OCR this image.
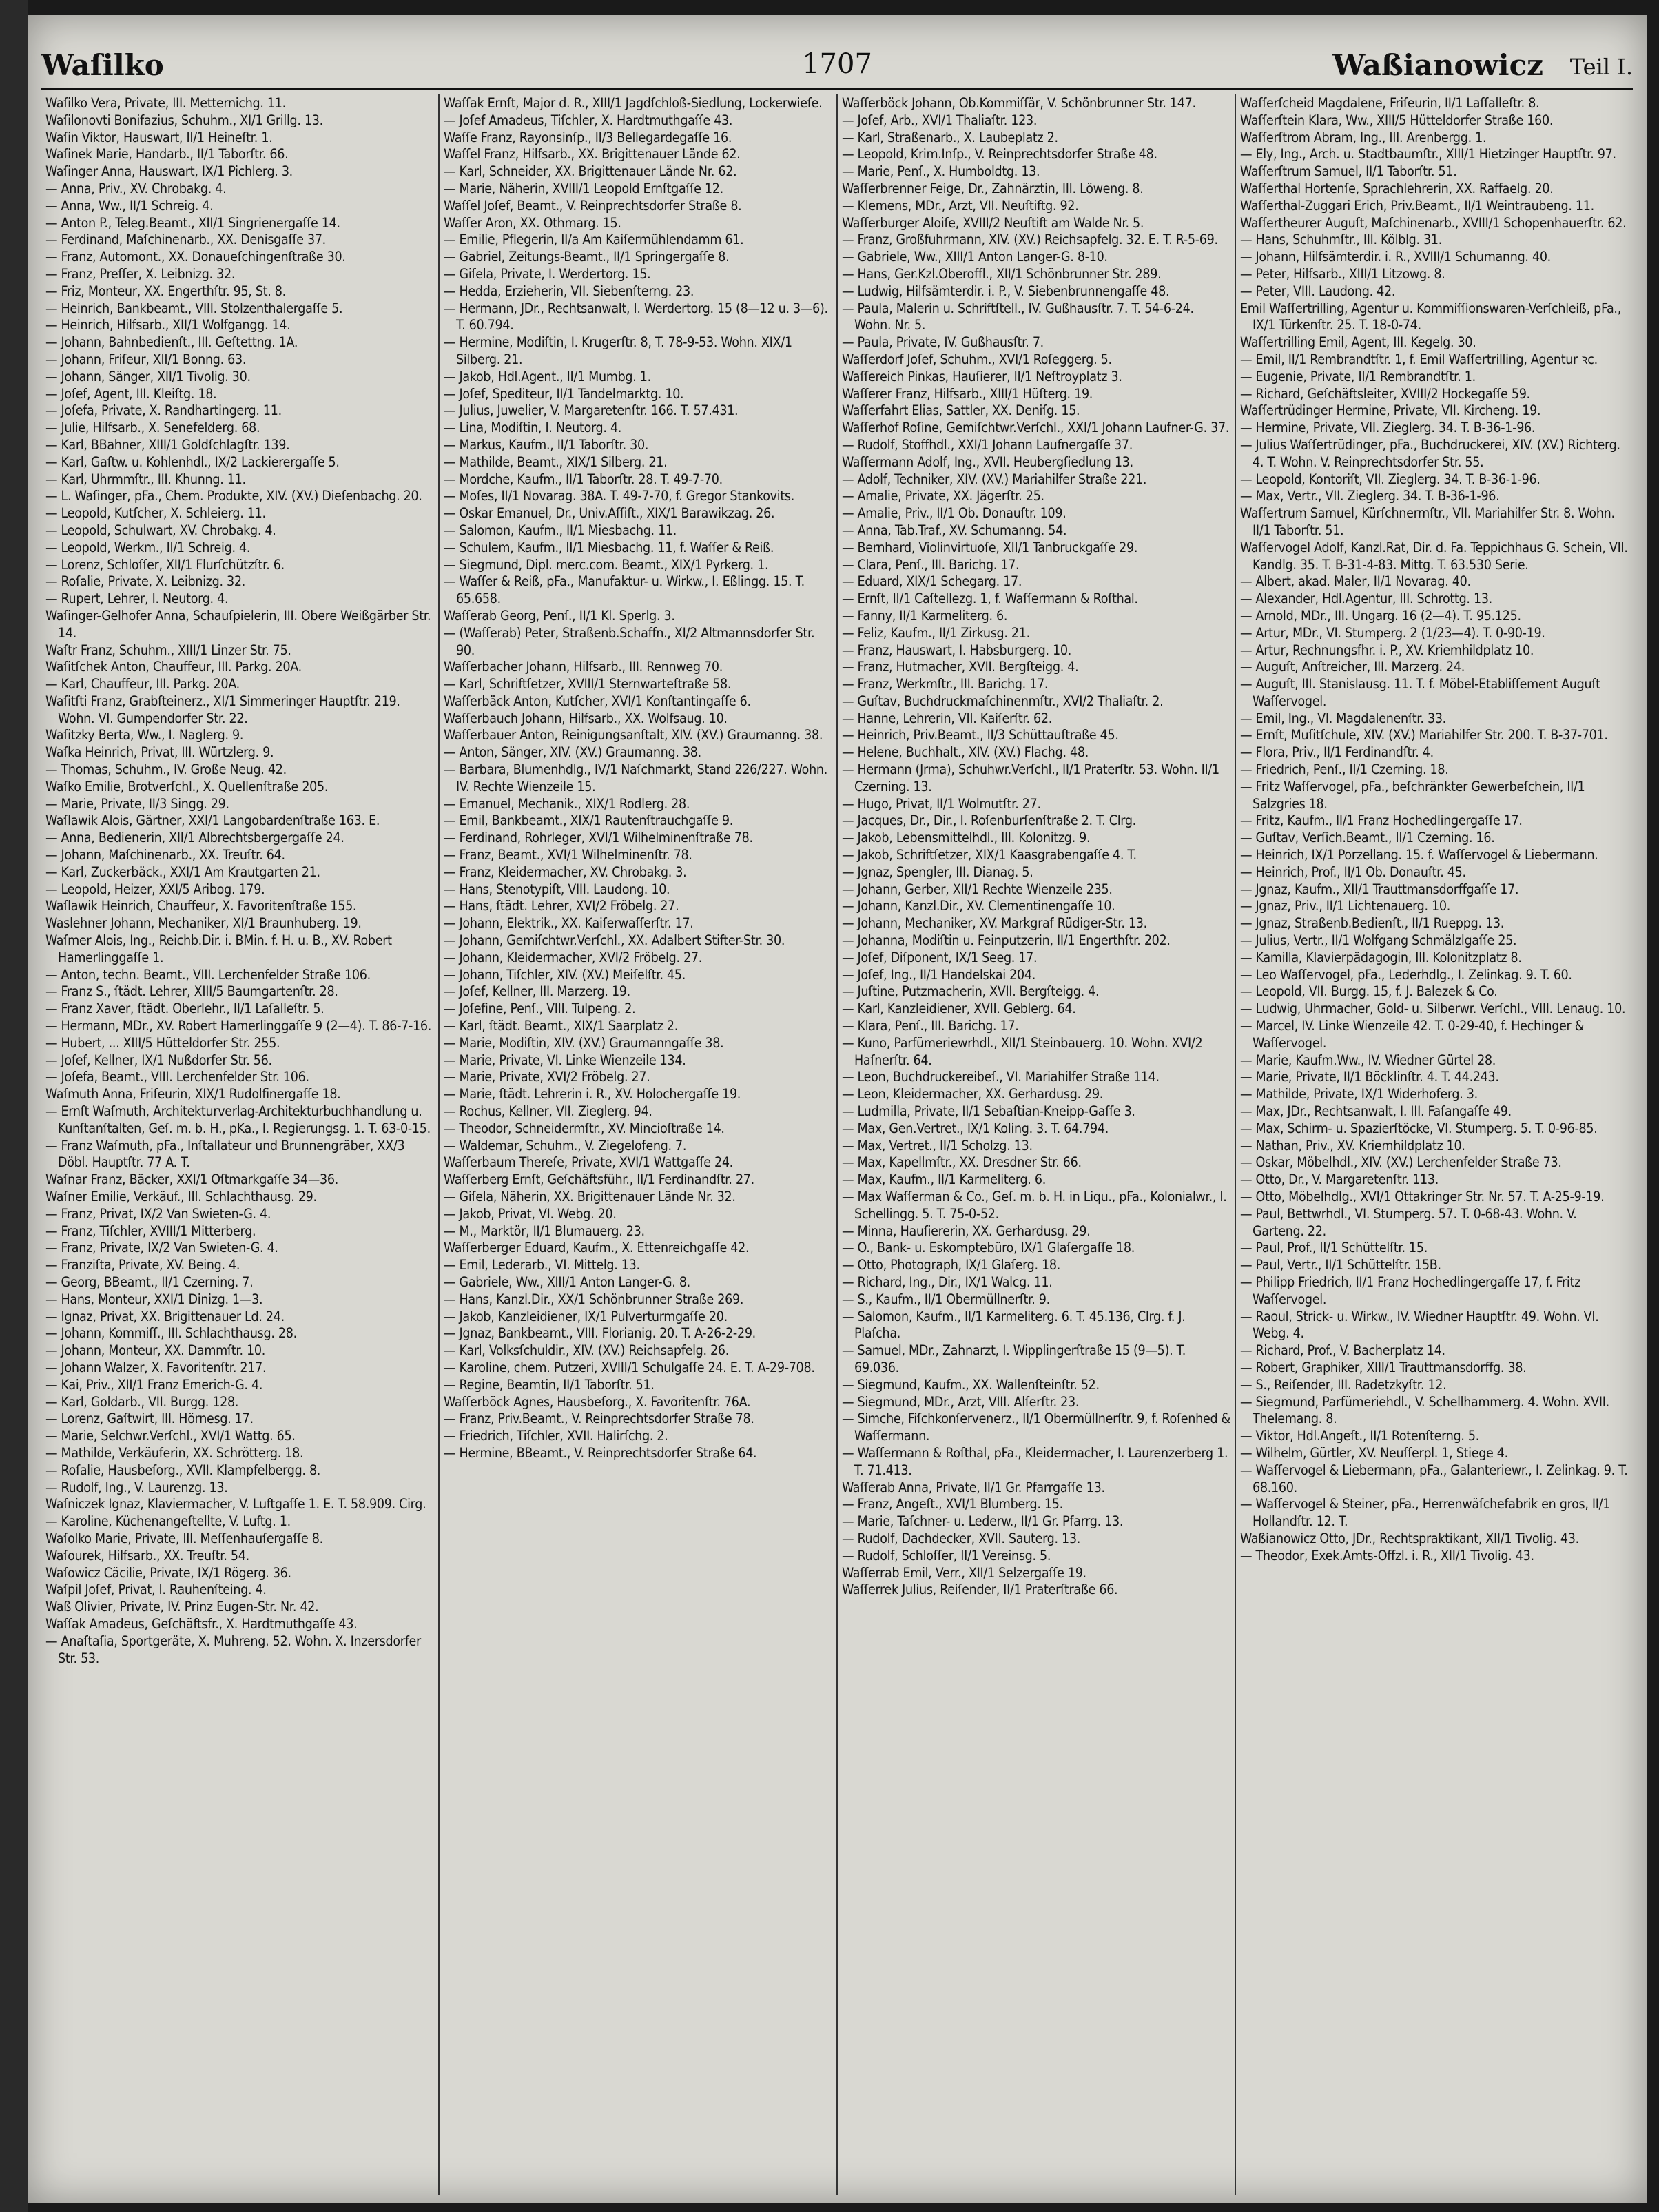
Waſilko	1707	Waßianowicz Teil I.
Waſilko Vera, Private, III. Metternichg. 11.
Waſilonovti Bonifazius, Schuhm., XI/1 Grillg. 13.
Waſin Viktor, Hauswart, II/1 Heineſtr. 1.
Waſinek Marie, Handarb., II/1 Taborſtr. 66.
Waſinger Anna, Hauswart, IX/1 Pichlerg. 3.
— Anna, Priv., XV. Chrobakg. 4.
— Anna, Ww., II/1 Schreig. 4.
— Anton P., Teleg.Beamt., XII/1 Singrienergaſſe 14.
— Ferdinand, Maſchinenarb., XX. Denisgaſſe 37.
— Franz, Automont., XX. Donaueſchingenſtraße 30.
— Franz, Preſſer, X. Leibnizg. 32.
— Friz, Monteur, XX. Engerthſtr. 95, St. 8.
— Heinrich, Bankbeamt., VIII. Stolzenthalergaſſe 5.
— Heinrich, Hilfsarb., XII/1 Wolfgangg. 14.
— Johann, Bahnbedienſt., III. Geſtettng. 1A.
— Johann, Friſeur, XII/1 Bonng. 63.
— Johann, Sänger, XII/1 Tivolig. 30.
— Joſef, Agent, III. Kleiſtg. 18.
— Joſefa, Private, X. Randhartingerg. 11.
— Julie, Hilfsarb., X. Senefelderg. 68.
— Karl, BBahner, XIII/1 Goldſchlagſtr. 139.
— Karl, Gaſtw. u. Kohlenhdl., IX/2 Lackierergaſſe 5.
— Karl, Uhrmmſtr., III. Khunng. 11.
— L. Waſinger, pFa., Chem. Produkte, XIV. (XV.) Dieſenbachg. 20.
— Leopold, Kutſcher, X. Schleierg. 11.
— Leopold, Schulwart, XV. Chrobakg. 4.
— Leopold, Werkm., II/1 Schreig. 4.
— Lorenz, Schloſſer, XII/1 Flurſchützſtr. 6.
— Roſalie, Private, X. Leibnizg. 32.
— Rupert, Lehrer, I. Neutorg. 4.
Waſinger-Gelhofer Anna, Schauſpielerin, III. Obere Weißgärber Str. 14.
Waſtr Franz, Schuhm., XIII/1 Linzer Str. 75.
Waſitſchek Anton, Chauffeur, III. Parkg. 20A.
— Karl, Chauffeur, III. Parkg. 20A.
Waſitſti Franz, Grabſteinerz., XI/1 Simmeringer Hauptſtr. 219. Wohn. VI. Gumpendorfer Str. 22.
Waſitzky Berta, Ww., I. Naglerg. 9.
Waſka Heinrich, Privat, III. Würtzlerg. 9.
— Thomas, Schuhm., IV. Große Neug. 42.
Waſko Emilie, Brotverſchl., X. Quellenſtraße 205.
— Marie, Private, II/3 Singg. 29.
Waſlawik Alois, Gärtner, XXI/1 Langobardenſtraße 163. E.
— Anna, Bedienerin, XII/1 Albrechtsbergergaſſe 24.
— Johann, Maſchinenarb., XX. Treuſtr. 64.
— Karl, Zuckerbäck., XXI/1 Am Krautgarten 21.
— Leopold, Heizer, XXI/5 Aribog. 179.
Waſlawik Heinrich, Chauffeur, X. Favoritenſtraße 155.
Waslehner Johann, Mechaniker, XI/1 Braunhuberg. 19.
Waſmer Alois, Ing., Reichb.Dir. i. BMin. f. H. u. B., XV. Robert Hamerlinggaſſe 1.
— Anton, techn. Beamt., VIII. Lerchenfelder Straße 106.
— Franz S., ſtädt. Lehrer, XIII/5 Baumgartenſtr. 28.
— Franz Xaver, ſtädt. Oberlehr., II/1 Laſalleſtr. 5.
— Hermann, MDr., XV. Robert Hamerlinggaſſe 9 (2—4). T. 86-7-16.
— Hubert, ... XIII/5 Hütteldorfer Str. 255.
— Joſef, Kellner, IX/1 Nußdorfer Str. 56.
— Joſefa, Beamt., VIII. Lerchenfelder Str. 106.
Waſmuth Anna, Friſeurin, XIX/1 Rudolfinergaſſe 18.
— Ernſt Waſmuth, Architekturverlag-Architekturbuchhandlung u. Kunſtanſtalten, Geſ. m. b. H., pKa., I. Regierungsg. 1. T. 63-0-15.
— Franz Waſmuth, pFa., Inſtallateur und Brunnengräber, XX/3 Döbl. Hauptſtr. 77 A. T.
Waſnar Franz, Bäcker, XXI/1 Oſtmarkgaſſe 34—36.
Waſner Emilie, Verkäuf., III. Schlachthausg. 29.
— Franz, Privat, IX/2 Van Swieten-G. 4.
— Franz, Tiſchler, XVIII/1 Mitterberg.
— Franz, Private, IX/2 Van Swieten-G. 4.
— Franziſta, Private, XV. Being. 4.
— Georg, BBeamt., II/1 Czerning. 7.
— Hans, Monteur, XXI/1 Dinizg. 1—3.
— Ignaz, Privat, XX. Brigittenauer Ld. 24.
— Johann, Kommiſſ., III. Schlachthausg. 28.
— Johann, Monteur, XX. Dammſtr. 10.
— Johann Walzer, X. Favoritenſtr. 217.
— Kai, Priv., XII/1 Franz Emerich-G. 4.
— Karl, Goldarb., VII. Burgg. 128.
— Lorenz, Gaſtwirt, III. Hörnesg. 17.
— Marie, Selchwr.Verſchl., XVI/1 Wattg. 65.
— Mathilde, Verkäuferin, XX. Schrötterg. 18.
— Roſalie, Hausbeſorg., XVII. Klampfelbergg. 8.
— Rudolf, Ing., V. Laurenzg. 13.
Waſniczek Ignaz, Klaviermacher, V. Luftgaſſe 1. E. T. 58.909. Cirg.
— Karoline, Küchenangeſtellte, V. Luftg. 1.
Waſolko Marie, Private, III. Meſſenhauſergaſſe 8.
Waſourek, Hilfsarb., XX. Treuſtr. 54.
Waſowicz Cäcilie, Private, IX/1 Rögerg. 36.
Waſpil Joſef, Privat, I. Rauhenſteing. 4.
Waß Olivier, Private, IV. Prinz Eugen-Str. Nr. 42.
Waſſak Amadeus, Geſchäftsfr., X. Hardtmuthgaſſe 43.
— Anaſtaſia, Sportgeräte, X. Muhreng. 52. Wohn. X. Inzersdorfer Str. 53.
Waſſak Ernſt, Major d. R., XIII/1 Jagdſchloß-Siedlung, Lockerwieſe.
— Joſef Amadeus, Tiſchler, X. Hardtmuthgaſſe 43.
Waſſe Franz, Rayonsinſp., II/3 Bellegardegaſſe 16.
Waſſel Franz, Hilfsarb., XX. Brigittenauer Lände 62.
— Karl, Schneider, XX. Brigittenauer Lände Nr. 62.
— Marie, Näherin, XVIII/1 Leopold Ernſtgaſſe 12.
Waſſel Joſef, Beamt., V. Reinprechtsdorfer Straße 8.
Waſſer Aron, XX. Othmarg. 15.
— Emilie, Pflegerin, II/a Am Kaiſermühlendamm 61.
— Gabriel, Zeitungs-Beamt., II/1 Springergaſſe 8.
— Giſela, Private, I. Werdertorg. 15.
— Hedda, Erzieherin, VII. Siebenſterng. 23.
— Hermann, JDr., Rechtsanwalt, I. Werdertorg. 15 (8—12 u. 3—6). T. 60.794.
— Hermine, Modiſtin, I. Krugerſtr. 8, T. 78-9-53. Wohn. XIX/1 Silberg. 21.
— Jakob, Hdl.Agent., II/1 Mumbg. 1.
— Joſef, Spediteur, II/1 Tandelmarktg. 10.
— Julius, Juwelier, V. Margaretenſtr. 166. T. 57.431.
— Lina, Modiſtin, I. Neutorg. 4.
— Markus, Kaufm., II/1 Taborſtr. 30.
— Mathilde, Beamt., XIX/1 Silberg. 21.
— Mordche, Kaufm., II/1 Taborſtr. 28. T. 49-7-70.
— Moſes, II/1 Novarag. 38A. T. 49-7-70, f. Gregor Stankovits.
— Oskar Emanuel, Dr., Univ.Aſſiſt., XIX/1 Barawikzag. 26.
— Salomon, Kaufm., II/1 Miesbachg. 11.
— Schulem, Kaufm., II/1 Miesbachg. 11, f. Waſſer & Reiß.
— Siegmund, Dipl. merc.com. Beamt., XIX/1 Pyrkerg. 1.
— Waſſer & Reiß, pFa., Manufaktur- u. Wirkw., I. Eßlingg. 15. T. 65.658.
Waſſerab Georg, Penſ., II/1 Kl. Sperlg. 3.
— (Waſſerab) Peter, Straßenb.Schaffn., XI/2 Altmannsdorfer Str. 90.
Waſſerbacher Johann, Hilfsarb., III. Rennweg 70.
— Karl, Schriftſetzer, XVIII/1 Sternwarteſtraße 58.
Waſſerbäck Anton, Kutſcher, XVI/1 Konſtantingaſſe 6.
Waſſerbauch Johann, Hilfsarb., XX. Wolfsaug. 10.
Waſſerbauer Anton, Reinigungsanſtalt, XIV. (XV.) Graumanng. 38.
— Anton, Sänger, XIV. (XV.) Graumanng. 38.
— Barbara, Blumenhdlg., IV/1 Naſchmarkt, Stand 226/227. Wohn. IV. Rechte Wienzeile 15.
— Emanuel, Mechanik., XIX/1 Rodlerg. 28.
— Emil, Bankbeamt., XIX/1 Rautenſtrauchgaſſe 9.
— Ferdinand, Rohrleger, XVI/1 Wilhelminenſtraße 78.
— Franz, Beamt., XVI/1 Wilhelminenſtr. 78.
— Franz, Kleidermacher, XV. Chrobakg. 3.
— Hans, Stenotypiſt, VIII. Laudong. 10.
— Hans, ſtädt. Lehrer, XVI/2 Fröbelg. 27.
— Johann, Elektrik., XX. Kaiſerwaſſerſtr. 17.
— Johann, Gemiſchtwr.Verſchl., XX. Adalbert Stifter-Str. 30.
— Johann, Kleidermacher, XVI/2 Fröbelg. 27.
— Johann, Tiſchler, XIV. (XV.) Meiſelſtr. 45.
— Joſef, Kellner, III. Marzerg. 19.
— Joſefine, Penſ., VIII. Tulpeng. 2.
— Karl, ſtädt. Beamt., XIX/1 Saarplatz 2.
— Marie, Modiſtin, XIV. (XV.) Graumanngaſſe 38.
— Marie, Private, VI. Linke Wienzeile 134.
— Marie, Private, XVI/2 Fröbelg. 27.
— Marie, ſtädt. Lehrerin i. R., XV. Holochergaſſe 19.
— Rochus, Kellner, VII. Zieglerg. 94.
— Theodor, Schneidermſtr., XV. Mincioſtraße 14.
— Waldemar, Schuhm., V. Ziegelofeng. 7.
Waſſerbaum Thereſe, Private, XVI/1 Wattgaſſe 24.
Waſſerberg Ernſt, Geſchäftsführ., II/1 Ferdinandſtr. 27.
— Giſela, Näherin, XX. Brigittenauer Lände Nr. 32.
— Jakob, Privat, VI. Webg. 20.
— M., Marktör, II/1 Blumauerg. 23.
Waſſerberger Eduard, Kaufm., X. Ettenreichgaſſe 42.
— Emil, Lederarb., VI. Mittelg. 13.
— Gabriele, Ww., XIII/1 Anton Langer-G. 8.
— Hans, Kanzl.Dir., XX/1 Schönbrunner Straße 269.
— Jakob, Kanzleidiener, IX/1 Pulverturmgaſſe 20.
— Jgnaz, Bankbeamt., VIII. Florianig. 20. T. A-26-2-29.
— Karl, Volksſchuldir., XIV. (XV.) Reichsapfelg. 26.
— Karoline, chem. Putzeri, XVIII/1 Schulgaſſe 24. E. T. A-29-708.
— Regine, Beamtin, II/1 Taborſtr. 51.
Waſſerböck Agnes, Hausbeſorg., X. Favoritenſtr. 76A.
— Franz, Priv.Beamt., V. Reinprechtsdorfer Straße 78.
— Friedrich, Tiſchler, XVII. Halirſchg. 2.
— Hermine, BBeamt., V. Reinprechtsdorfer Straße 64.
Waſſerböck Johann, Ob.Kommiſſär, V. Schönbrunner Str. 147.
— Joſef, Arb., XVI/1 Thaliaſtr. 123.
— Karl, Straßenarb., X. Laubeplatz 2.
— Leopold, Krim.Inſp., V. Reinprechtsdorfer Straße 48.
— Marie, Penſ., X. Humboldtg. 13.
Waſſerbrenner Feige, Dr., Zahnärztin, III. Löweng. 8.
— Klemens, MDr., Arzt, VII. Neuſtiftg. 92.
Waſſerburger Aloiſe, XVIII/2 Neuſtift am Walde Nr. 5.
— Franz, Großfuhrmann, XIV. (XV.) Reichsapfelg. 32. E. T. R-5-69.
— Gabriele, Ww., XIII/1 Anton Langer-G. 8-10.
— Hans, Ger.Kzl.Oberoffl., XII/1 Schönbrunner Str. 289.
— Ludwig, Hilfsämterdir. i. P., V. Siebenbrunnengaſſe 48.
— Paula, Malerin u. Schriftſtell., IV. Gußhausſtr. 7. T. 54-6-24. Wohn. Nr. 5.
— Paula, Private, IV. Gußhausſtr. 7.
Waſſerdorf Joſef, Schuhm., XVI/1 Roſeggerg. 5.
Waſſereich Pinkas, Hauſierer, II/1 Neſtroyplatz 3.
Waſſerer Franz, Hilfsarb., XIII/1 Hüſterg. 19.
Waſſerfahrt Elias, Sattler, XX. Deniſg. 15.
Waſſerhof Roſine, Gemiſchtwr.Verſchl., XXI/1 Johann Laufner-G. 37.
— Rudolf, Stoffhdl., XXI/1 Johann Laufnergaſſe 37.
Waſſermann Adolf, Ing., XVII. Heubergſiedlung 13.
— Adolf, Techniker, XIV. (XV.) Mariahilfer Straße 221.
— Amalie, Private, XX. Jägerſtr. 25.
— Amalie, Priv., II/1 Ob. Donauſtr. 109.
— Anna, Tab.Traf., XV. Schumanng. 54.
— Bernhard, Violinvirtuoſe, XII/1 Tanbruckgaſſe 29.
— Clara, Penſ., III. Barichg. 17.
— Eduard, XIX/1 Schegarg. 17.
— Ernſt, II/1 Caſtellezg. 1, f. Waſſermann & Roſthal.
— Fanny, II/1 Karmeliterg. 6.
— Feliz, Kaufm., II/1 Zirkusg. 21.
— Franz, Hauswart, I. Habsburgerg. 10.
— Franz, Hutmacher, XVII. Bergſteigg. 4.
— Franz, Werkmſtr., III. Barichg. 17.
— Guſtav, Buchdruckmaſchinenmſtr., XVI/2 Thaliaſtr. 2.
— Hanne, Lehrerin, VII. Kaiſerſtr. 62.
— Heinrich, Priv.Beamt., II/3 Schüttauſtraße 45.
— Helene, Buchhalt., XIV. (XV.) Flachg. 48.
— Hermann (Jrma), Schuhwr.Verſchl., II/1 Praterſtr. 53. Wohn. II/1 Czerning. 13.
— Hugo, Privat, II/1 Wolmutſtr. 27.
— Jacques, Dr., Dir., I. Roſenburſenſtraße 2. T. Clrg.
— Jakob, Lebensmittelhdl., III. Kolonitzg. 9.
— Jakob, Schriftſetzer, XIX/1 Kaasgrabengaſſe 4. T.
— Jgnaz, Spengler, III. Dianag. 5.
— Johann, Gerber, XII/1 Rechte Wienzeile 235.
— Johann, Kanzl.Dir., XV. Clementinengaſſe 10.
— Johann, Mechaniker, XV. Markgraf Rüdiger-Str. 13.
— Johanna, Modiſtin u. Feinputzerin, II/1 Engerthſtr. 202.
— Joſef, Diſponent, IX/1 Seeg. 17.
— Joſef, Ing., II/1 Handelskai 204.
— Juſtine, Putzmacherin, XVII. Bergſteigg. 4.
— Karl, Kanzleidiener, XVII. Geblerg. 64.
— Klara, Penſ., III. Barichg. 17.
— Kuno, Parfümeriewrhdl., XII/1 Steinbauerg. 10. Wohn. XVI/2 Haſnerſtr. 64.
— Leon, Buchdruckereibeſ., VI. Mariahilfer Straße 114.
— Leon, Kleidermacher, XX. Gerhardusg. 29.
— Ludmilla, Private, II/1 Sebaſtian-Kneipp-Gaſſe 3.
— Max, Gen.Vertret., IX/1 Koling. 3. T. 64.794.
— Max, Vertret., II/1 Scholzg. 13.
— Max, Kapellmſtr., XX. Dresdner Str. 66.
— Max, Kaufm., II/1 Karmeliterg. 6.
— Max Waſſerman & Co., Geſ. m. b. H. in Liqu., pFa., Kolonialwr., I. Schellingg. 5. T. 75-0-52.
— Minna, Hauſiererin, XX. Gerhardusg. 29.
— O., Bank- u. Eskomptebüro, IX/1 Glaſergaſſe 18.
— Otto, Photograph, IX/1 Glaſerg. 18.
— Richard, Ing., Dir., IX/1 Walcg. 11.
— S., Kaufm., II/1 Obermüllnerſtr. 9.
— Salomon, Kaufm., II/1 Karmeliterg. 6. T. 45.136, Clrg. f. J. Plaſcha.
— Samuel, MDr., Zahnarzt, I. Wipplingerſtraße 15 (9—5). T. 69.036.
— Siegmund, Kaufm., XX. Wallenſteinſtr. 52.
— Siegmund, MDr., Arzt, VIII. Alſerſtr. 23.
— Simche, Fiſchkonſervenerz., II/1 Obermüllnerſtr. 9, f. Roſenhed & Waſſermann.
— Waſſermann & Roſthal, pFa., Kleidermacher, I. Laurenzerberg 1. T. 71.413.
Waſſerab Anna, Private, II/1 Gr. Pfarrgaſſe 13.
— Franz, Angeſt., XVI/1 Blumberg. 15.
— Marie, Taſchner- u. Lederw., II/1 Gr. Pfarrg. 13.
— Rudolf, Dachdecker, XVII. Sauterg. 13.
— Rudolf, Schloſſer, II/1 Vereinsg. 5.
Waſſerrab Emil, Verr., XII/1 Selzergaſſe 19.
Waſſerrek Julius, Reiſender, II/1 Praterſtraße 66.
Waſſerſcheid Magdalene, Friſeurin, II/1 Laſſalleſtr. 8.
Waſſerſtein Klara, Ww., XIII/5 Hütteldorfer Straße 160.
Waſſerſtrom Abram, Ing., III. Arenbergg. 1.
— Ely, Ing., Arch. u. Stadtbaumſtr., XIII/1 Hietzinger Hauptſtr. 97.
Waſſerſtrum Samuel, II/1 Taborſtr. 51.
Waſſerthal Hortenſe, Sprachlehrerin, XX. Raffaelg. 20.
Waſſerthal-Zuggari Erich, Priv.Beamt., II/1 Weintraubeng. 11.
Waſſertheurer Auguſt, Maſchinenarb., XVIII/1 Schopenhauerſtr. 62.
— Hans, Schuhmſtr., III. Kölblg. 31.
— Johann, Hilfsämterdir. i. R., XVIII/1 Schumanng. 40.
— Peter, Hilfsarb., XIII/1 Litzowg. 8.
— Peter, VIII. Laudong. 42.
Emil Waſſertrilling, Agentur u. Kommiſſionswaren-Verſchleiß, pFa., IX/1 Türkenſtr. 25. T. 18-0-74.
Waſſertrilling Emil, Agent, III. Kegelg. 30.
— Emil, II/1 Rembrandtſtr. 1, f. Emil Waſſertrilling, Agentur ꝛc.
— Eugenie, Private, II/1 Rembrandtſtr. 1.
— Richard, Geſchäftsleiter, XVIII/2 Hockegaſſe 59.
Waſſertrüdinger Hermine, Private, VII. Kircheng. 19.
— Hermine, Private, VII. Zieglerg. 34. T. B-36-1-96.
— Julius Waſſertrüdinger, pFa., Buchdruckerei, XIV. (XV.) Richterg. 4. T. Wohn. V. Reinprechtsdorfer Str. 55.
— Leopold, Kontoriſt, VII. Zieglerg. 34. T. B-36-1-96.
— Max, Vertr., VII. Zieglerg. 34. T. B-36-1-96.
Waſſertrum Samuel, Kürſchnermſtr., VII. Mariahilfer Str. 8. Wohn. II/1 Taborſtr. 51.
Waſſervogel Adolf, Kanzl.Rat, Dir. d. Fa. Teppichhaus G. Schein, VII. Kandlg. 35. T. B-31-4-83. Mittg. T. 63.530 Serie.
— Albert, akad. Maler, II/1 Novarag. 40.
— Alexander, Hdl.Agentur, III. Schrottg. 13.
— Arnold, MDr., III. Ungarg. 16 (2—4). T. 95.125.
— Artur, MDr., VI. Stumperg. 2 (1/23—4). T. 0-90-19.
— Artur, Rechnungsfhr. i. P., XV. Kriemhildplatz 10.
— Auguſt, Anſtreicher, III. Marzerg. 24.
— Auguſt, III. Stanislausg. 11. T. f. Möbel-Etabliſſement Auguſt Waſſervogel.
— Emil, Ing., VI. Magdalenenſtr. 33.
— Ernſt, Muſitſchule, XIV. (XV.) Mariahilfer Str. 200. T. B-37-701.
— Flora, Priv., II/1 Ferdinandſtr. 4.
— Friedrich, Penſ., II/1 Czerning. 18.
— Fritz Waſſervogel, pFa., beſchränkter Gewerbeſchein, II/1 Salzgries 18.
— Fritz, Kaufm., II/1 Franz Hochedlingergaſſe 17.
— Guſtav, Verſich.Beamt., II/1 Czerning. 16.
— Heinrich, IX/1 Porzellang. 15. f. Waſſervogel & Liebermann.
— Heinrich, Prof., II/1 Ob. Donauſtr. 45.
— Jgnaz, Kaufm., XII/1 Trauttmansdorffgaſſe 17.
— Jgnaz, Priv., II/1 Lichtenauerg. 10.
— Jgnaz, Straßenb.Bedienſt., II/1 Rueppg. 13.
— Julius, Vertr., II/1 Wolfgang Schmälzlgaſſe 25.
— Kamilla, Klavierpädagogin, III. Kolonitzplatz 8.
— Leo Waſſervogel, pFa., Lederhdlg., I. Zelinkag. 9. T. 60.
— Leopold, VII. Burgg. 15, f. J. Balezek & Co.
— Ludwig, Uhrmacher, Gold- u. Silberwr. Verſchl., VIII. Lenaug. 10.
— Marcel, IV. Linke Wienzeile 42. T. 0-29-40, f. Hechinger & Waſſervogel.
— Marie, Kaufm.Ww., IV. Wiedner Gürtel 28.
— Marie, Private, II/1 Böcklinſtr. 4. T. 44.243.
— Mathilde, Private, IX/1 Widerhoferg. 3.
— Max, JDr., Rechtsanwalt, I. III. Faſangaſſe 49.
— Max, Schirm- u. Spazierſtöcke, VI. Stumperg. 5. T. 0-96-85.
— Nathan, Priv., XV. Kriemhildplatz 10.
— Oskar, Möbelhdl., XIV. (XV.) Lerchenfelder Straße 73.
— Otto, Dr., V. Margaretenſtr. 113.
— Otto, Möbelhdlg., XVI/1 Ottakringer Str. Nr. 57. T. A-25-9-19.
— Paul, Bettwrhdl., VI. Stumperg. 57. T. 0-68-43. Wohn. V. Garteng. 22.
— Paul, Prof., II/1 Schüttelſtr. 15.
— Paul, Vertr., II/1 Schüttelſtr. 15B.
— Philipp Friedrich, II/1 Franz Hochedlingergaſſe 17, f. Fritz Waſſervogel.
— Raoul, Strick- u. Wirkw., IV. Wiedner Hauptſtr. 49. Wohn. VI. Webg. 4.
— Richard, Prof., V. Bacherplatz 14.
— Robert, Graphiker, XIII/1 Trauttmansdorffg. 38.
— S., Reiſender, III. Radetzkyſtr. 12.
— Siegmund, Parfümeriehdl., V. Schellhammerg. 4. Wohn. XVII. Thelemang. 8.
— Viktor, Hdl.Angeſt., II/1 Rotenſterng. 5.
— Wilhelm, Gürtler, XV. Neuſſerpl. 1, Stiege 4.
— Waſſervogel & Liebermann, pFa., Galanteriewr., I. Zelinkag. 9. T. 68.160.
— Waſſervogel & Steiner, pFa., Herrenwäſchefabrik en gros, II/1 Hollandſtr. 12. T.
Waßianowicz Otto, JDr., Rechtspraktikant, XII/1 Tivolig. 43.
— Theodor, Exek.Amts-Offzl. i. R., XII/1 Tivolig. 43.
